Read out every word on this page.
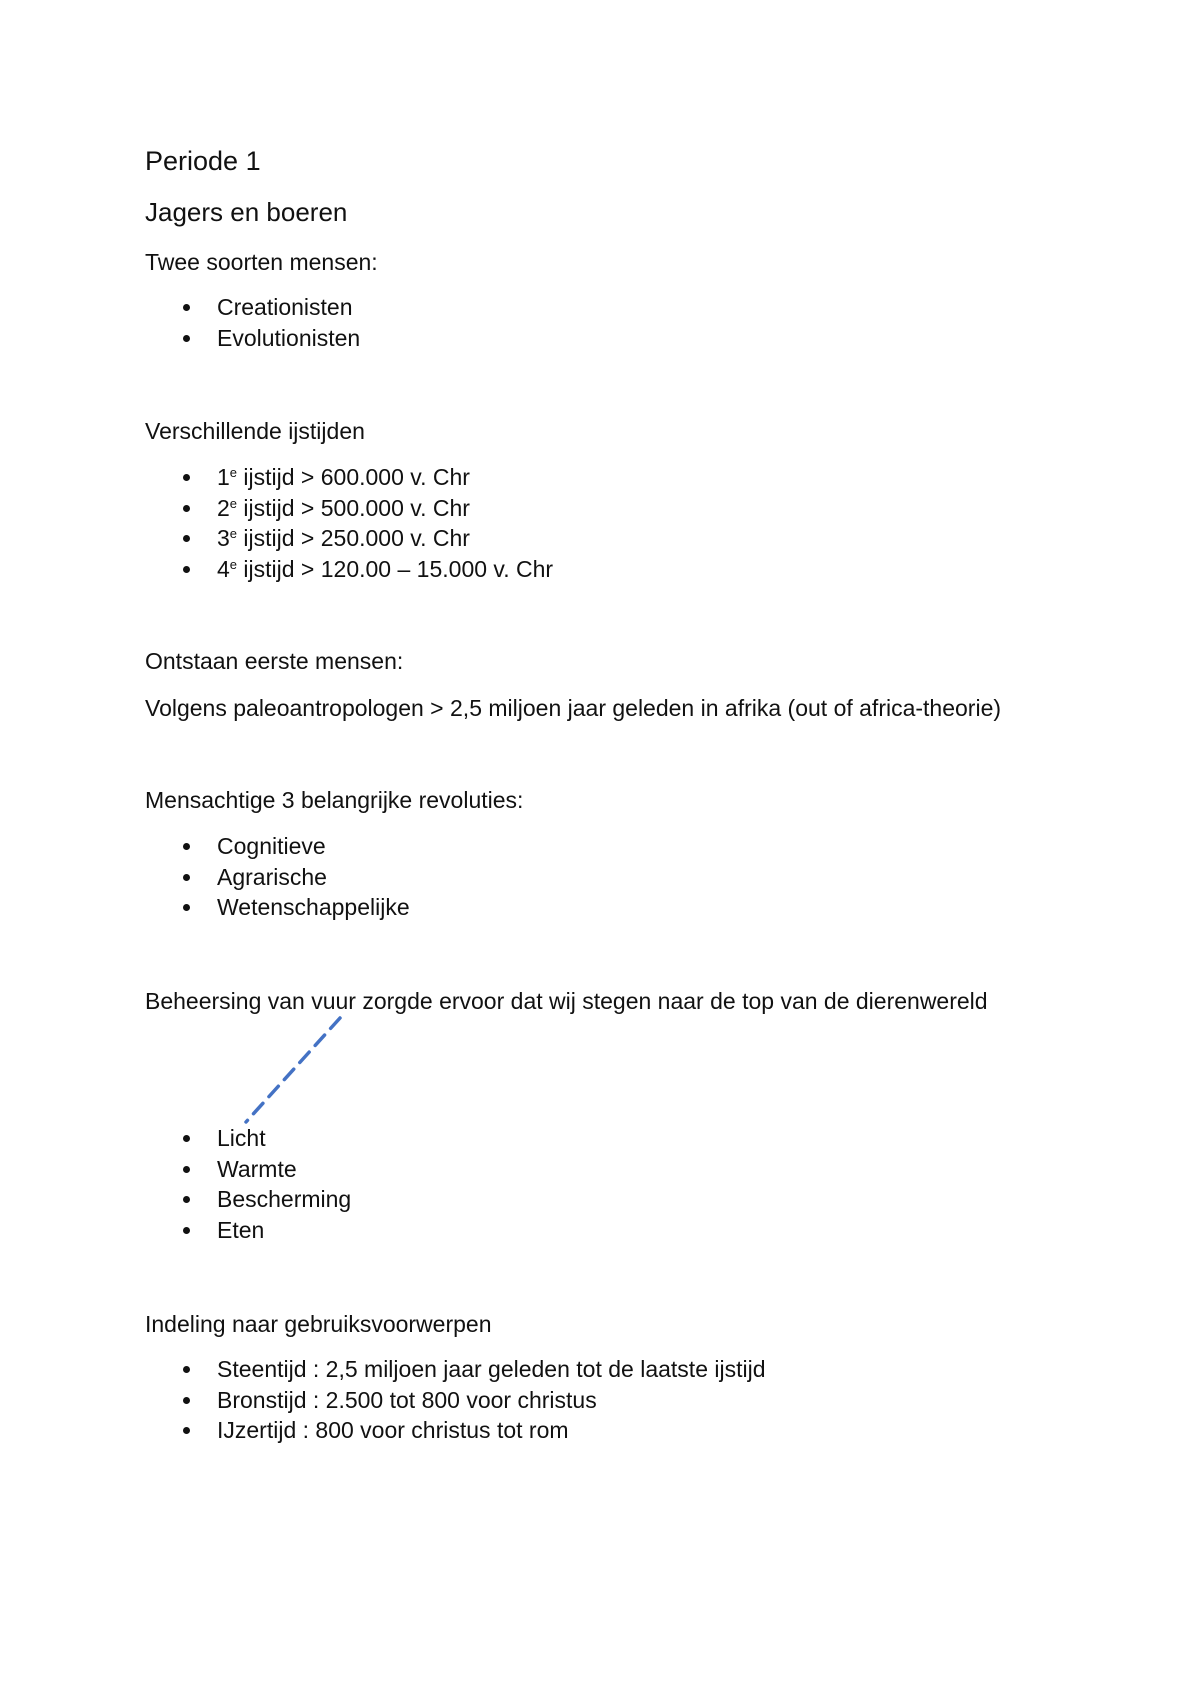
Periode 1
Jagers en boeren
Twee soorten mensen:
Creationisten
Evolutionisten
Verschillende ijstijden
1e ijstijd > 600.000 v. Chr
2e ijstijd > 500.000 v. Chr
3e ijstijd > 250.000 v. Chr
4e ijstijd > 120.00 – 15.000 v. Chr
Ontstaan eerste mensen:
Volgens paleoantropologen > 2,5 miljoen jaar geleden in afrika (out of africa-theorie)
Mensachtige 3 belangrijke revoluties:
Cognitieve
Agrarische
Wetenschappelijke
Beheersing van vuur zorgde ervoor dat wij stegen naar de top van de dierenwereld
Licht
Warmte
Bescherming
Eten
Indeling naar gebruiksvoorwerpen
Steentijd : 2,5 miljoen jaar geleden tot de laatste ijstijd
Bronstijd : 2.500 tot 800 voor christus
IJzertijd : 800 voor christus tot rom
